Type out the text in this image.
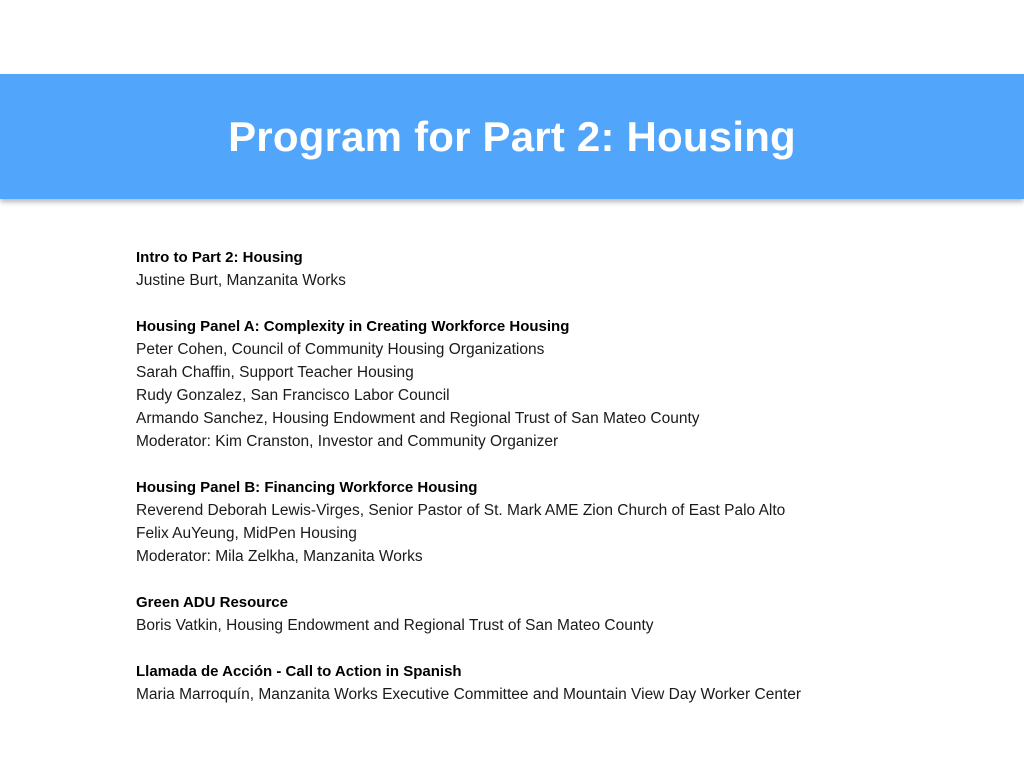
Program for Part 2: Housing

Intro to Part 2: Housing

Justine Burt, Manzanita Works

Housing Panel A: Complexity in Creating Workforce Housing

Peter Cohen, Council of Community Housing Organizations

Sarah Chaffin, Support Teacher Housing

Rudy Gonzalez, San Francisco Labor Council

Armando Sanchez, Housing Endowment and Regional Trust of San Mateo County

Moderator: Kim Cranston, Investor and Community Organizer

Housing Panel B: Financing Workforce Housing

Reverend Deborah Lewis-Virges, Senior Pastor of St. Mark AME Zion Church of East Palo Alto

Felix AuYeung, MidPen Housing

Moderator: Mila Zelkha, Manzanita Works

Green ADU Resource

Boris Vatkin, Housing Endowment and Regional Trust of San Mateo County

Llamada de Acción - Call to Action in Spanish

Maria Marroquín, Manzanita Works Executive Committee and Mountain View Day Worker Center
